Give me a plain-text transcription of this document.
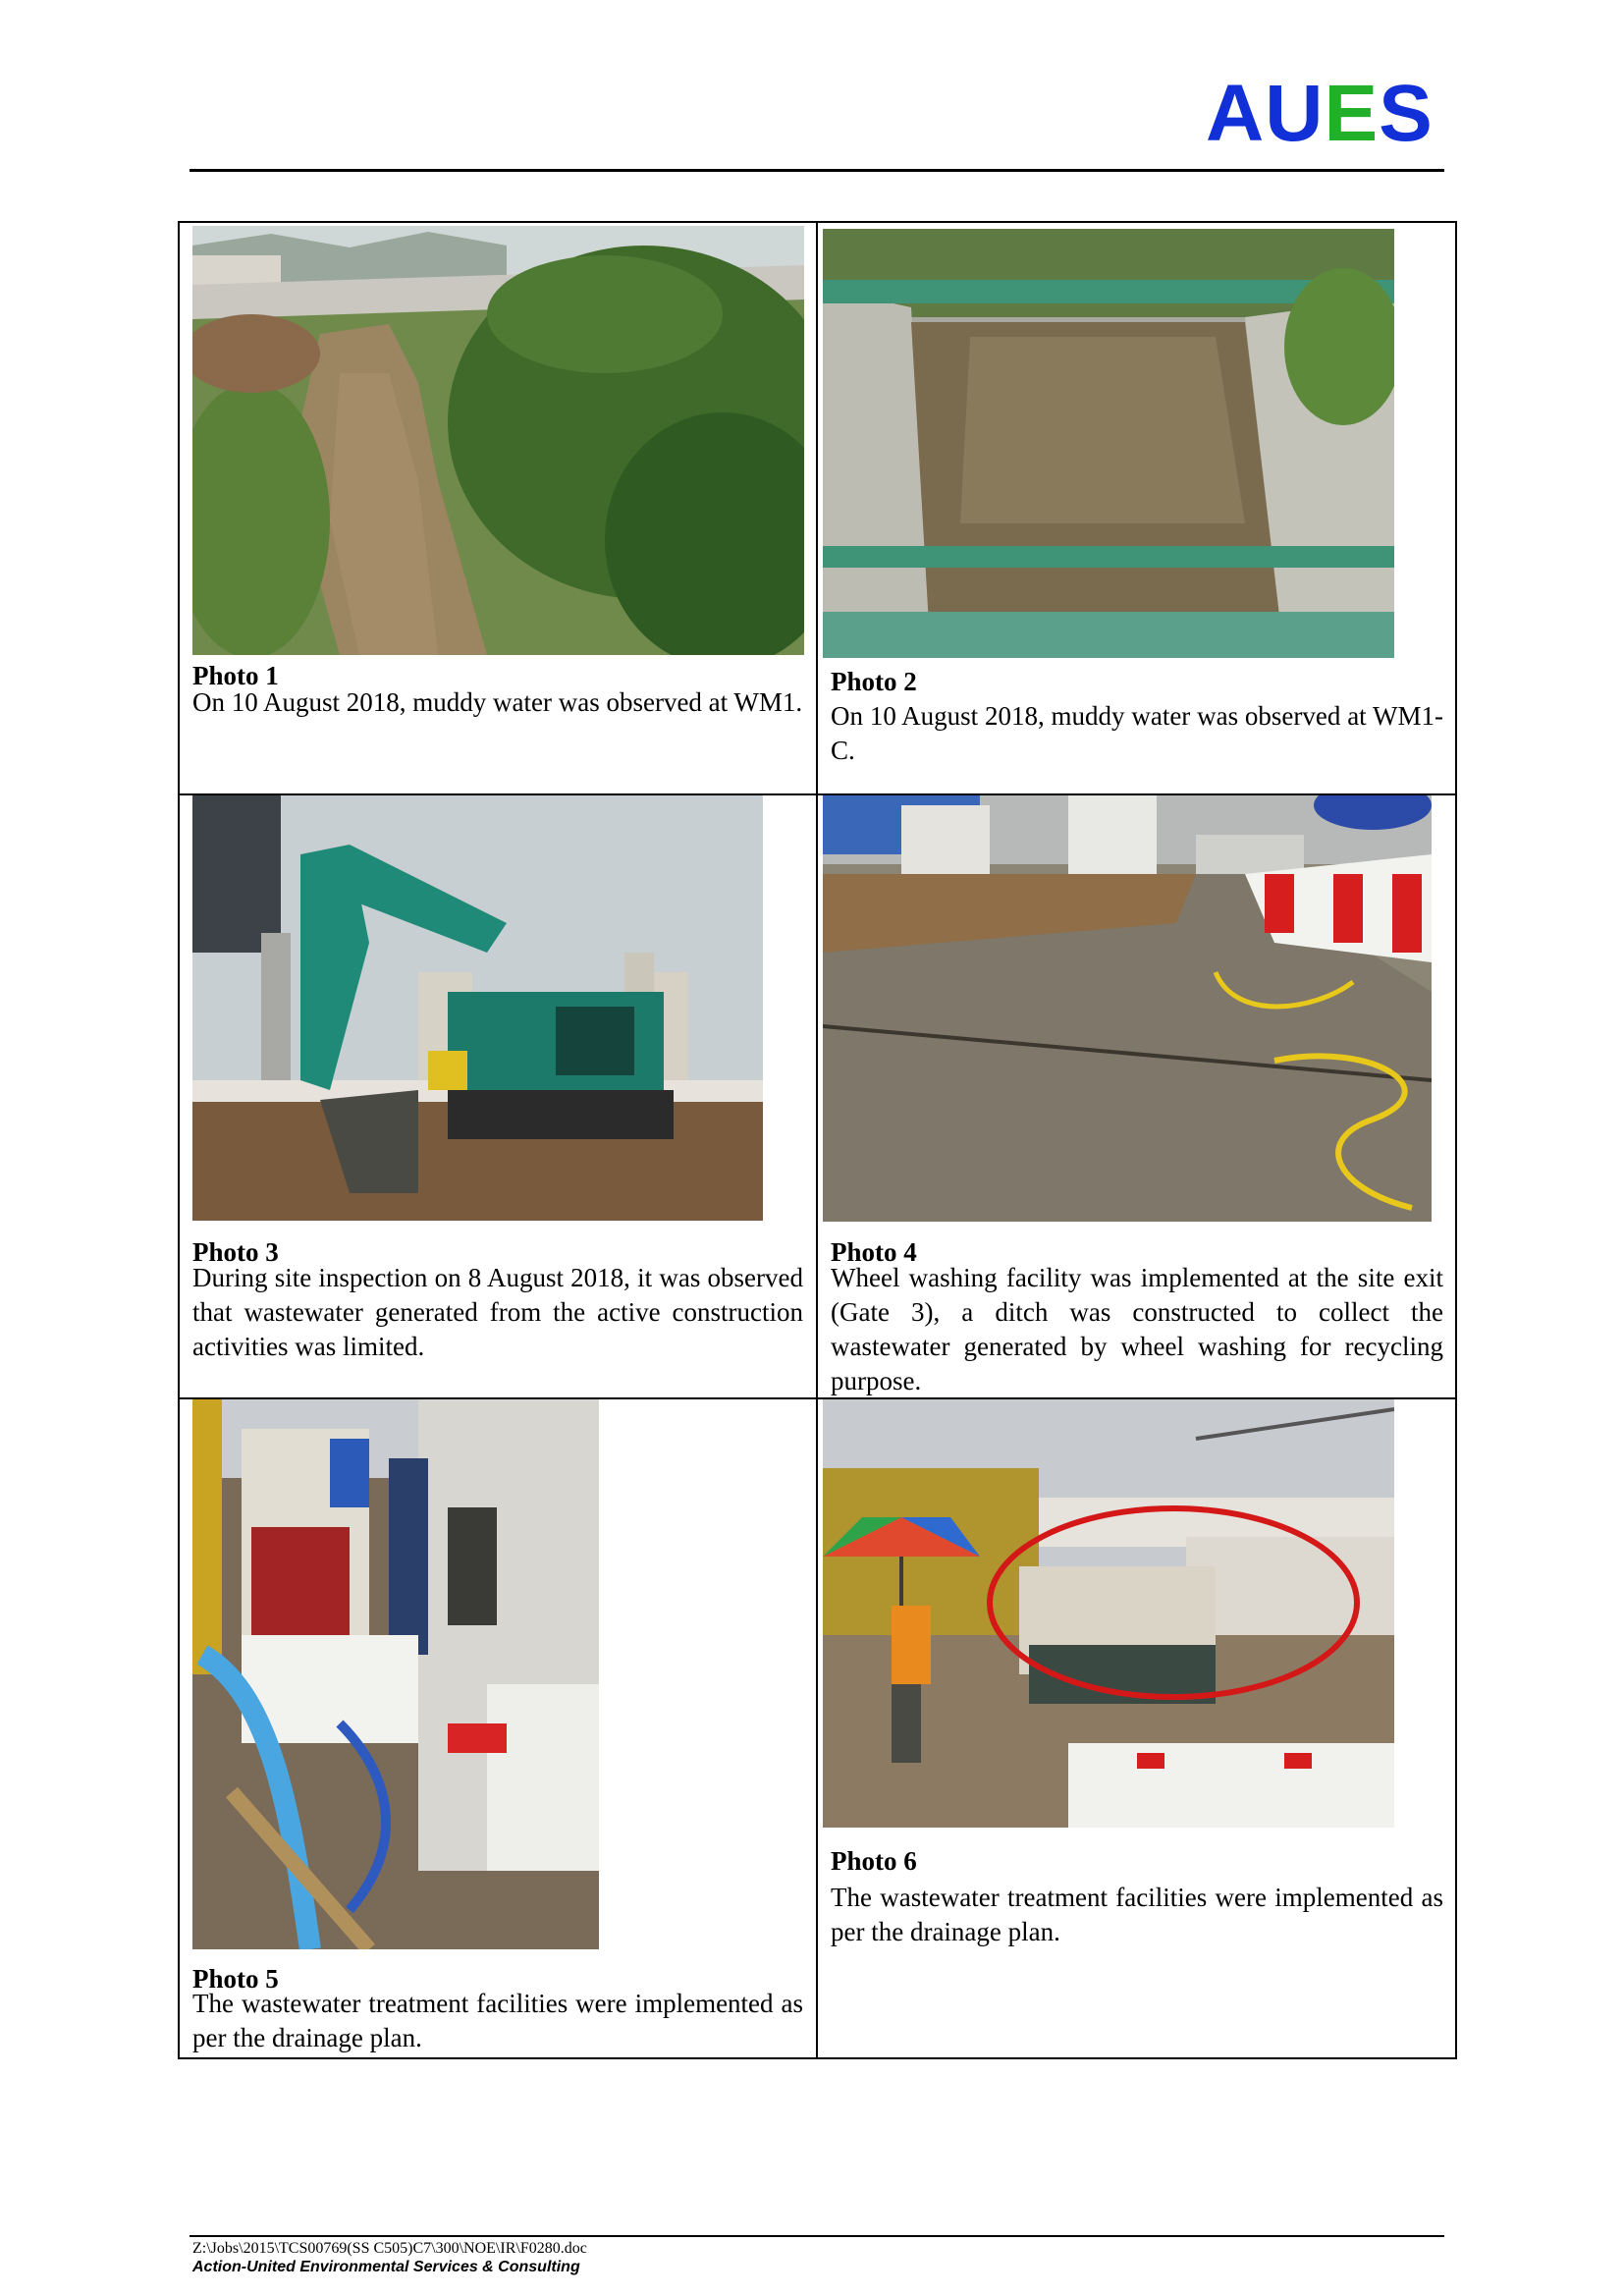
AUES
Photo 1
On 10 August 2018, muddy water was observed at WM1.
Photo 2
On 10 August 2018, muddy water was observed at WM1-C.
Photo 3
During site inspection on 8 August 2018, it was observed that wastewater generated from the active construction activities was limited.
Photo 4
Wheel washing facility was implemented at the site exit (Gate 3), a ditch was constructed to collect the wastewater generated by wheel washing for recycling purpose.
Photo 5
The wastewater treatment facilities were implemented as per the drainage plan.
Photo 6
The wastewater treatment facilities were implemented as per the drainage plan.
Z:\Jobs\2015\TCS00769(SS C505)C7\300\NOE\IR\F0280.doc
Action-United Environmental Services & Consulting
